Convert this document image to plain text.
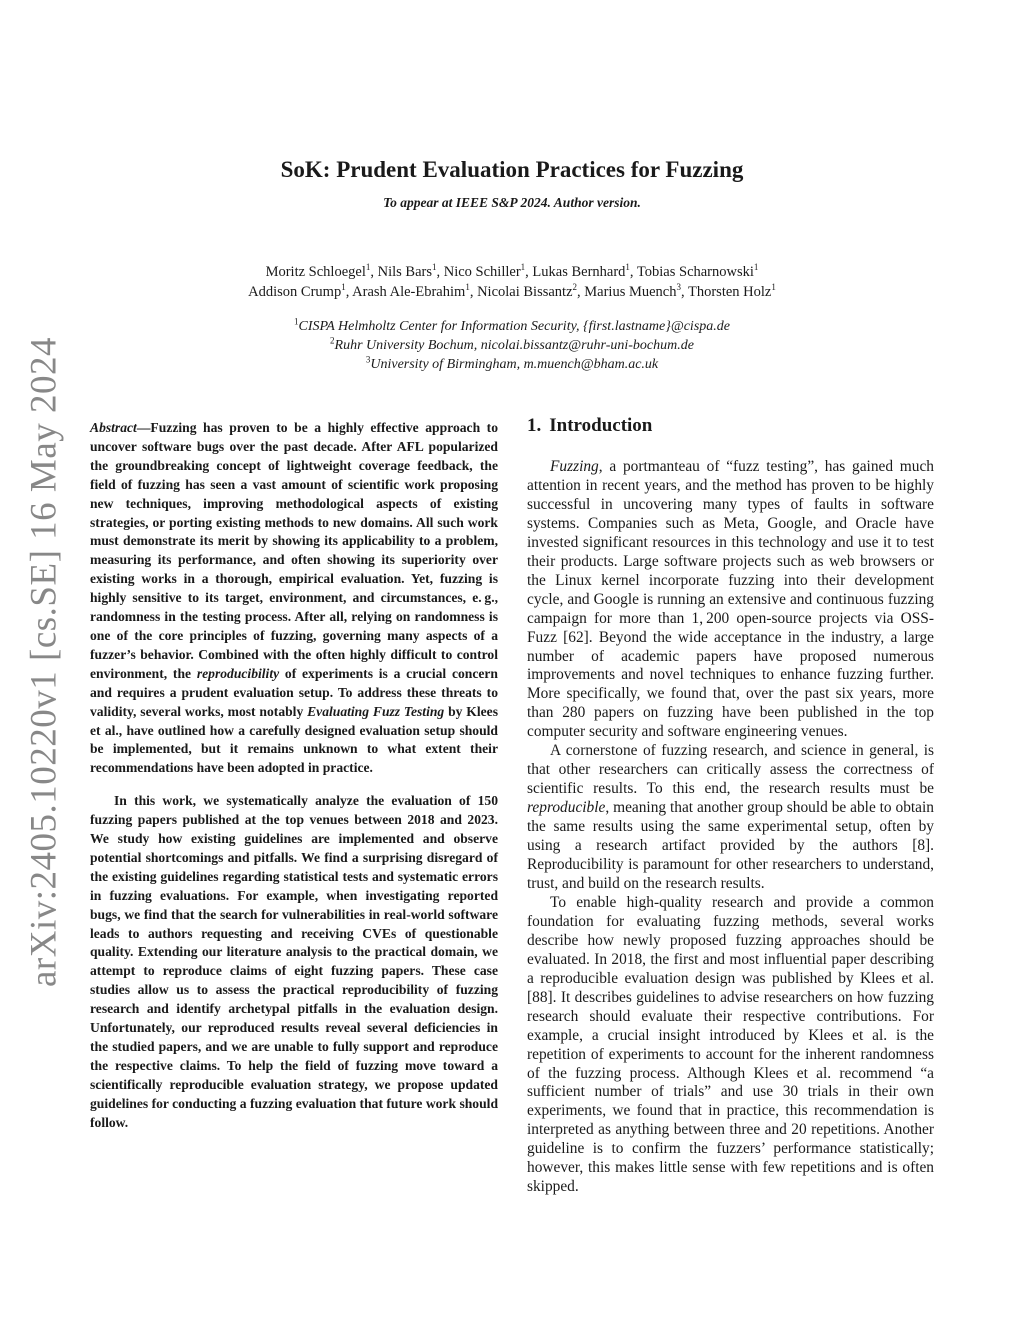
arXiv:2405.10220v1 [cs.SE] 16 May 2024
SoK: Prudent Evaluation Practices for Fuzzing
To appear at IEEE S&P 2024. Author version.
Moritz Schloegel$^1$, Nils Bars$^1$, Nico Schiller$^1$, Lukas Bernhard$^1$, Tobias Scharnowski$^1$
Addison Crump$^1$, Arash Ale-Ebrahim$^1$, Nicolai Bissantz$^2$, Marius Muench$^3$, Thorsten Holz$^1$
$^1$CISPA Helmholtz Center for Information Security, {first.lastname}@cispa.de
$^2$Ruhr University Bochum, nicolai.bissantz@ruhr-uni-bochum.de
$^3$University of Birmingham, m.muench@bham.ac.uk

Abstract—Fuzzing has proven to be a highly effective approach to uncover software bugs over the past decade. After AFL popularized the groundbreaking concept of lightweight coverage feedback, the field of fuzzing has seen a vast amount of scientific work proposing new techniques, improving methodological aspects of existing strategies, or porting existing methods to new domains. All such work must demonstrate its merit by showing its applicability to a problem, measuring its performance, and often showing its superiority over existing works in a thorough, empirical evaluation. Yet, fuzzing is highly sensitive to its target, environment, and circumstances, e. g., randomness in the testing process. After all, relying on randomness is one of the core principles of fuzzing, governing many aspects of a fuzzer’s behavior. Combined with the often highly difficult to control environment, the reproducibility of experiments is a crucial concern and requires a prudent evaluation setup. To address these threats to validity, several works, most notably Evaluating Fuzz Testing by Klees et al., have outlined how a carefully designed evaluation setup should be implemented, but it remains unknown to what extent their recommendations have been adopted in practice.

In this work, we systematically analyze the evaluation of 150 fuzzing papers published at the top venues between 2018 and 2023. We study how existing guidelines are implemented and observe potential shortcomings and pitfalls. We find a surprising disregard of the existing guidelines regarding statistical tests and systematic errors in fuzzing evaluations. For example, when investigating reported bugs, we find that the search for vulnerabilities in real-world software leads to authors requesting and receiving CVEs of questionable quality. Extending our literature analysis to the practical domain, we attempt to reproduce claims of eight fuzzing papers. These case studies allow us to assess the practical reproducibility of fuzzing research and identify archetypal pitfalls in the evaluation design. Unfortunately, our reproduced results reveal several deficiencies in the studied papers, and we are unable to fully support and reproduce the respective claims. To help the field of fuzzing move toward a scientifically reproducible evaluation strategy, we propose updated guidelines for conducting a fuzzing evaluation that future work should follow.

1. Introduction

Fuzzing, a portmanteau of “fuzz testing”, has gained much attention in recent years, and the method has proven to be highly successful in uncovering many types of faults in software systems. Companies such as Meta, Google, and Oracle have invested significant resources in this technology and use it to test their products. Large software projects such as web browsers or the Linux kernel incorporate fuzzing into their development cycle, and Google is running an extensive and continuous fuzzing campaign for more than 1, 200 open-source projects via OSS-Fuzz [62]. Beyond the wide acceptance in the industry, a large number of academic papers have proposed numerous improvements and novel techniques to enhance fuzzing further. More specifically, we found that, over the past six years, more than 280 papers on fuzzing have been published in the top computer security and software engineering venues.

A cornerstone of fuzzing research, and science in general, is that other researchers can critically assess the correctness of scientific results. To this end, the research results must be reproducible, meaning that another group should be able to obtain the same results using the same experimental setup, often by using a research artifact provided by the authors [8]. Reproducibility is paramount for other researchers to understand, trust, and build on the research results.

To enable high-quality research and provide a common foundation for evaluating fuzzing methods, several works describe how newly proposed fuzzing approaches should be evaluated. In 2018, the first and most influential paper describing a reproducible evaluation design was published by Klees et al. [88]. It describes guidelines to advise researchers on how fuzzing research should evaluate their respective contributions. For example, a crucial insight introduced by Klees et al. is the repetition of experiments to account for the inherent randomness of the fuzzing process. Although Klees et al. recommend “a sufficient number of trials” and use 30 trials in their own experiments, we found that in practice, this recommendation is interpreted as anything between three and 20 repetitions. Another guideline is to confirm the fuzzers’ performance statistically; however, this makes little sense with few repetitions and is often skipped.
